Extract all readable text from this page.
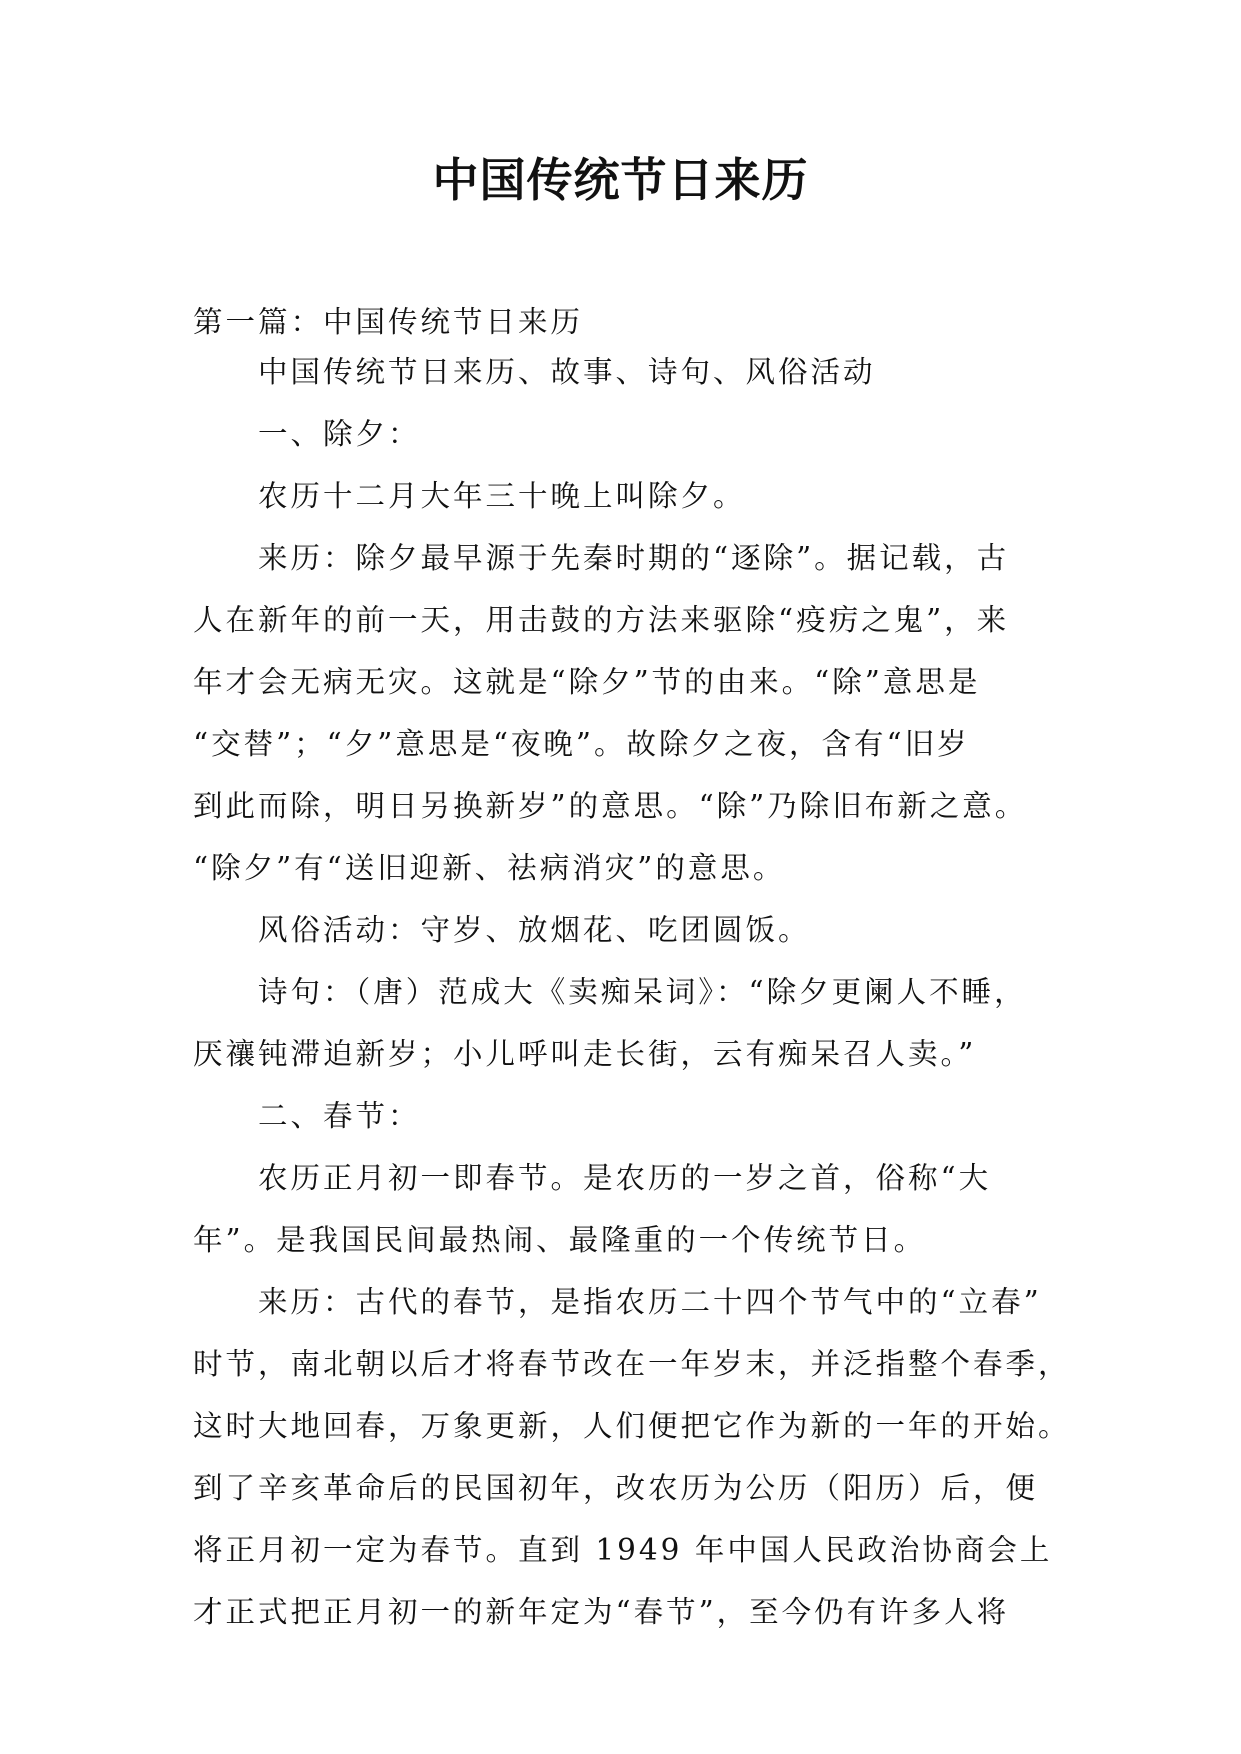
中国传统节日来历

第一篇：中国传统节日来历

中国传统节日来历、故事、诗句、风俗活动

一、除夕：

农历十二月大年三十晚上叫除夕。

来历：除夕最早源于先秦时期的“逐除”。据记载，古

人在新年的前一天，用击鼓的方法来驱除“疫疠之鬼”，来

年才会无病无灾。这就是“除夕”节的由来。“除”意思是

“交替”；“夕”意思是“夜晚”。故除夕之夜，含有“旧岁

到此而除，明日另换新岁”的意思。“除”乃除旧布新之意。

“除夕”有“送旧迎新、祛病消灾”的意思。

风俗活动：守岁、放烟花、吃团圆饭。

诗句：（唐）范成大《卖痴呆词》：“除夕更阑人不睡，

厌禳钝滞迫新岁；小儿呼叫走长街，云有痴呆召人卖。”

二、春节：

农历正月初一即春节。是农历的一岁之首，俗称“大

年”。是我国民间最热闹、最隆重的一个传统节日。

来历：古代的春节，是指农历二十四个节气中的“立春”

时节，南北朝以后才将春节改在一年岁末，并泛指整个春季，

这时大地回春，万象更新，人们便把它作为新的一年的开始。

到了辛亥革命后的民国初年，改农历为公历（阳历）后，便

将正月初一定为春节。直到 1949 年中国人民政治协商会上

才正式把正月初一的新年定为“春节”，至今仍有许多人将
